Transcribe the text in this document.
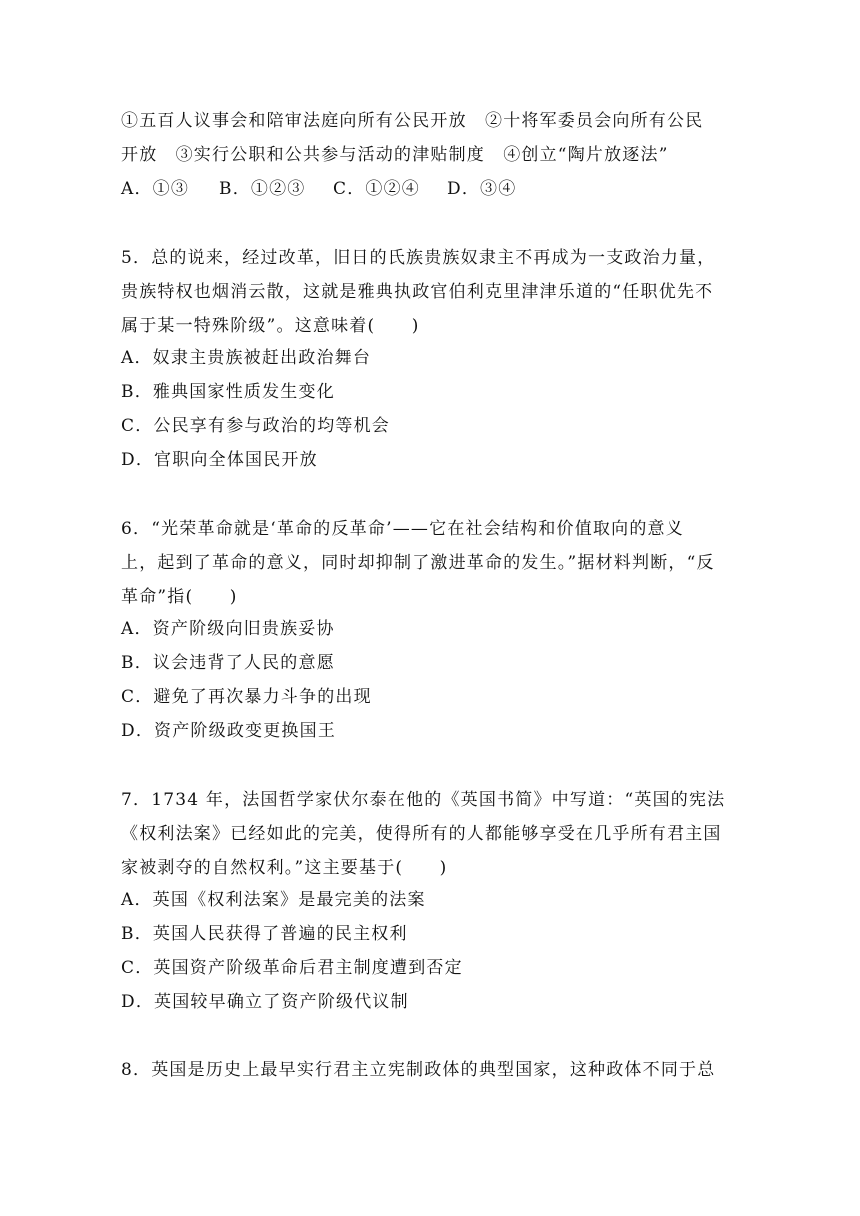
①五百人议事会和陪审法庭向所有公民开放　②十将军委员会向所有公民
开放　③实行公职和公共参与活动的津贴制度　④创立“陶片放逐法”
A．①③ B．①②③ C．①②④ D．③④
5．总的说来，经过改革，旧日的氏族贵族奴隶主不再成为一支政治力量，
贵族特权也烟消云散，这就是雅典执政官伯利克里津津乐道的“任职优先不
属于某一特殊阶级”。这意味着(　　)
A．奴隶主贵族被赶出政治舞台
B．雅典国家性质发生变化
C．公民享有参与政治的均等机会
D．官职向全体国民开放
6．“光荣革命就是‘革命的反革命’——它在社会结构和价值取向的意义
上，起到了革命的意义，同时却抑制了激进革命的发生。”据材料判断，“反
革命”指(　　)
A．资产阶级向旧贵族妥协
B．议会违背了人民的意愿
C．避免了再次暴力斗争的出现
D．资产阶级政变更换国王
7．1734 年，法国哲学家伏尔泰在他的《英国书简》中写道：“英国的宪法
《权利法案》已经如此的完美，使得所有的人都能够享受在几乎所有君主国
家被剥夺的自然权利。”这主要基于(　　)
A．英国《权利法案》是最完美的法案
B．英国人民获得了普遍的民主权利
C．英国资产阶级革命后君主制度遭到否定
D．英国较早确立了资产阶级代议制
8．英国是历史上最早实行君主立宪制政体的典型国家，这种政体不同于总
